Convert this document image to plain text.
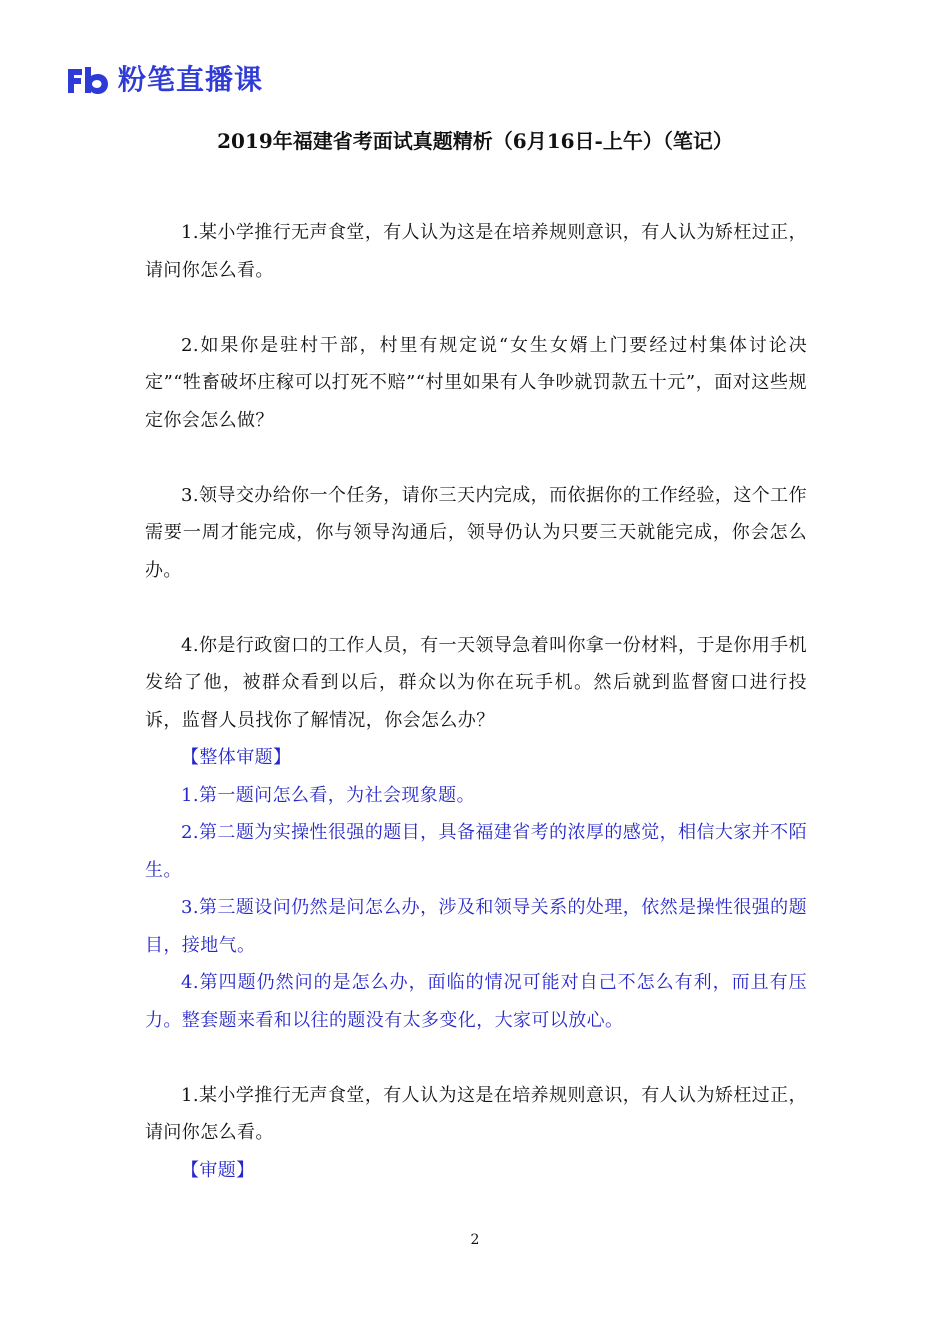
粉笔直播课
2019年福建省考面试真题精析（6月16日-上午）（笔记）

1.某小学推行无声食堂，有人认为这是在培养规则意识，有人认为矫枉过正，请问你怎么看。

2.如果你是驻村干部，村里有规定说“女生女婿上门要经过村集体讨论决定”“牲畜破坏庄稼可以打死不赔”“村里如果有人争吵就罚款五十元”，面对这些规定你会怎么做？

3.领导交办给你一个任务，请你三天内完成，而依据你的工作经验，这个工作需要一周才能完成，你与领导沟通后，领导仍认为只要三天就能完成，你会怎么办。

4.你是行政窗口的工作人员，有一天领导急着叫你拿一份材料，于是你用手机发给了他，被群众看到以后，群众以为你在玩手机。然后就到监督窗口进行投诉，监督人员找你了解情况，你会怎么办？

【整体审题】

1.第一题问怎么看，为社会现象题。

2.第二题为实操性很强的题目，具备福建省考的浓厚的感觉，相信大家并不陌生。

3.第三题设问仍然是问怎么办，涉及和领导关系的处理，依然是操性很强的题目，接地气。

4.第四题仍然问的是怎么办，面临的情况可能对自己不怎么有利，而且有压力。整套题来看和以往的题没有太多变化，大家可以放心。

1.某小学推行无声食堂，有人认为这是在培养规则意识，有人认为矫枉过正，请问你怎么看。

【审题】

2
